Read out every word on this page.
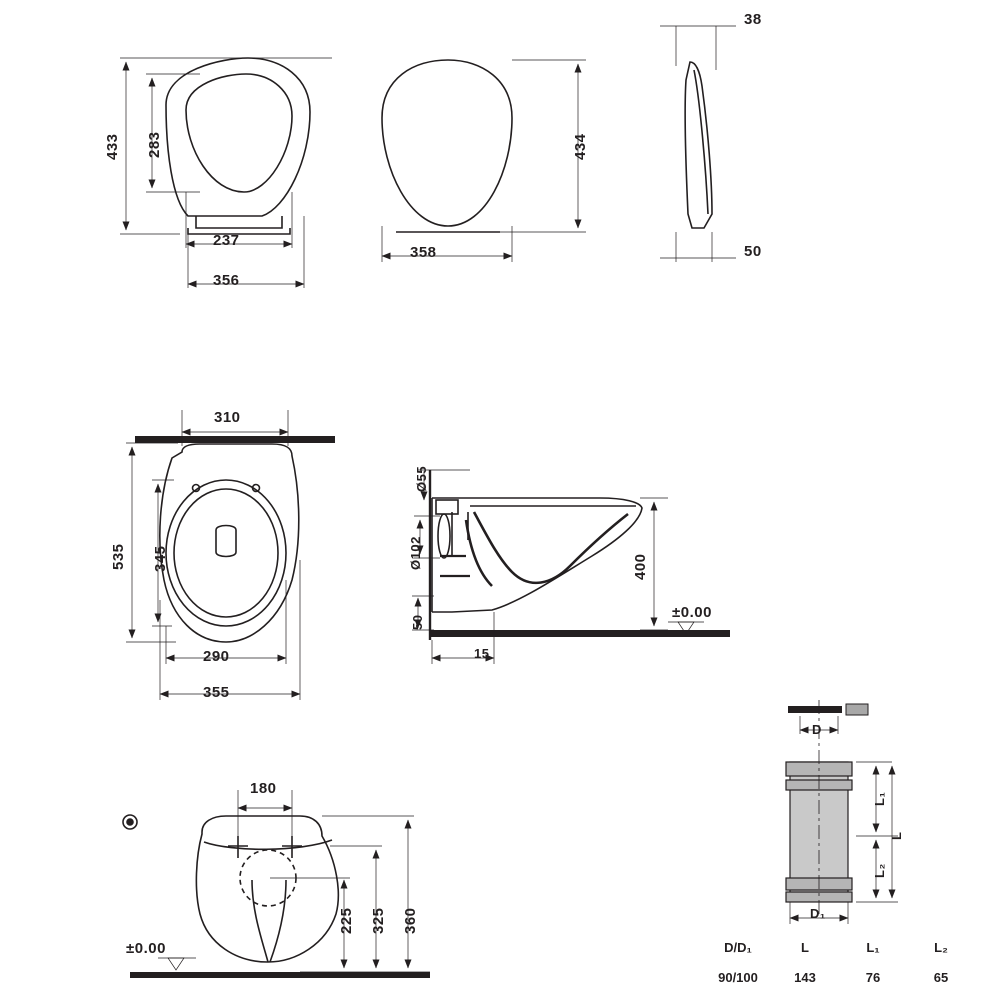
433 283
237
356
434
358
38
50
310
535 345
290
355
Ø55
Ø102	400
50
15
±0.00
180
225 325 360
±0.00
D
L₁
L
L₂
D₁
D/D₁	L	L₁	L₂
90/100	143	76	65
